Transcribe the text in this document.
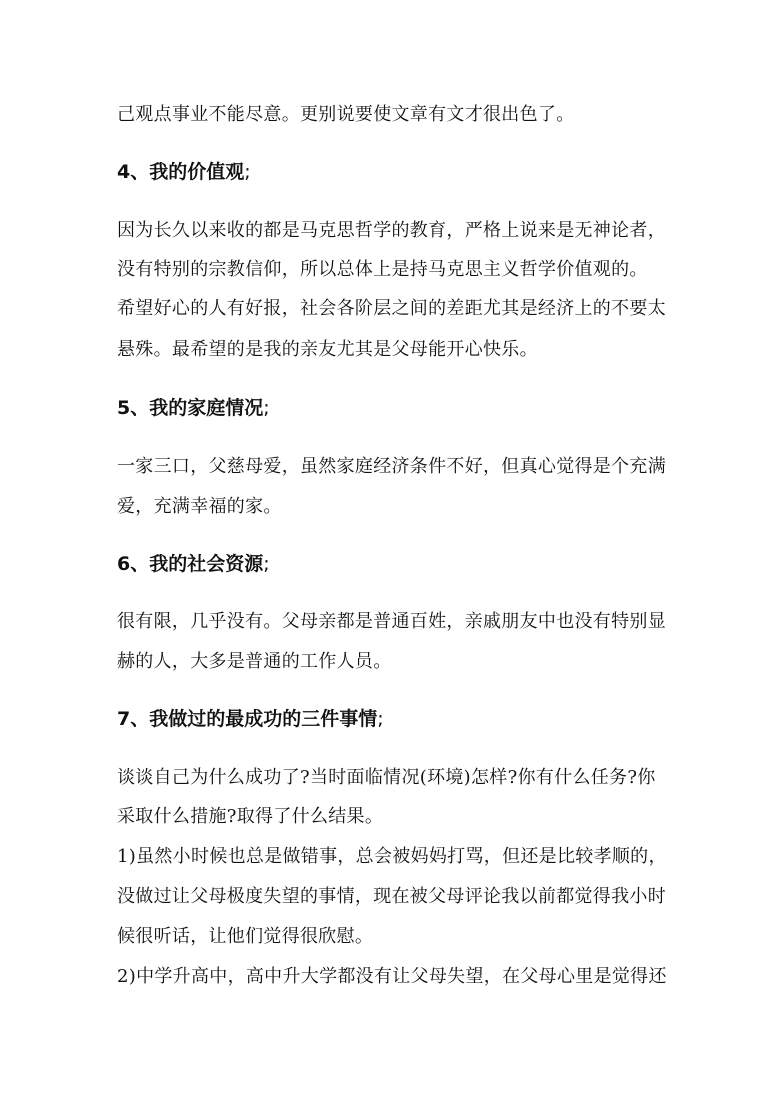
己观点事业不能尽意。更别说要使文章有文才很出色了。
4、我的价值观;
因为长久以来收的都是马克思哲学的教育，严格上说来是无神论者，
没有特别的宗教信仰，所以总体上是持马克思主义哲学价值观的。
希望好心的人有好报，社会各阶层之间的差距尤其是经济上的不要太
悬殊。最希望的是我的亲友尤其是父母能开心快乐。
5、我的家庭情况;
一家三口，父慈母爱，虽然家庭经济条件不好，但真心觉得是个充满
爱，充满幸福的家。
6、我的社会资源;
很有限，几乎没有。父母亲都是普通百姓，亲戚朋友中也没有特别显
赫的人，大多是普通的工作人员。
7、我做过的最成功的三件事情;
谈谈自己为什么成功了?当时面临情况(环境)怎样?你有什么任务?你
采取什么措施?取得了什么结果。
1)虽然小时候也总是做错事，总会被妈妈打骂，但还是比较孝顺的，
没做过让父母极度失望的事情，现在被父母评论我以前都觉得我小时
候很听话，让他们觉得很欣慰。
2)中学升高中，高中升大学都没有让父母失望，在父母心里是觉得还
